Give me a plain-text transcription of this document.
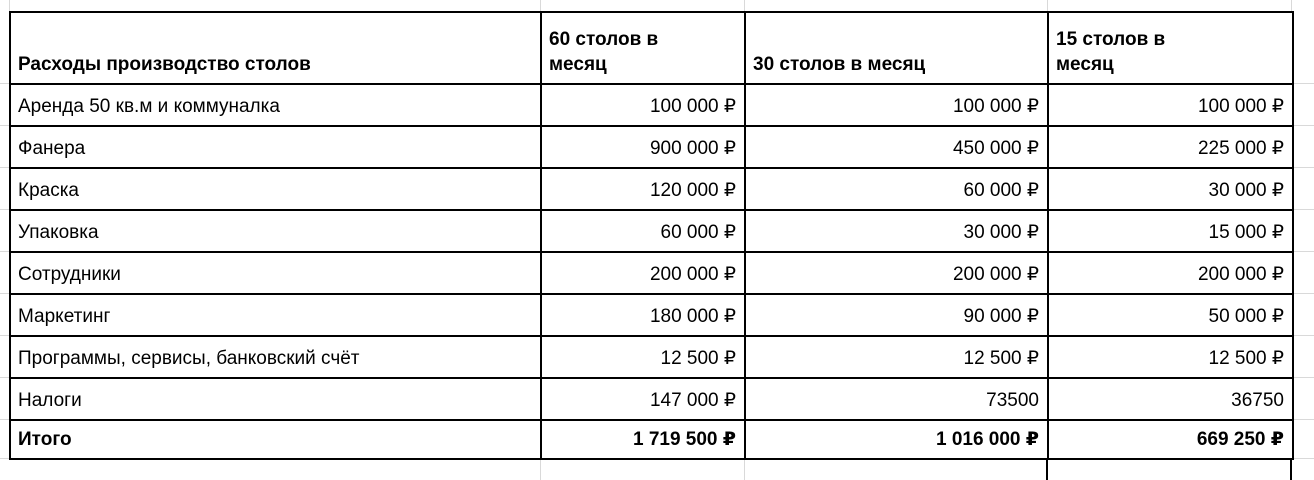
Расходы производство столов	60 столов в месяц	30 столов в месяц	15 столов в месяц
Аренда 50 кв.м и коммуналка	100 000 ₽	100 000 ₽	100 000 ₽
Фанера	900 000 ₽	450 000 ₽	225 000 ₽
Краска	120 000 ₽	60 000 ₽	30 000 ₽
Упаковка	60 000 ₽	30 000 ₽	15 000 ₽
Сотрудники	200 000 ₽	200 000 ₽	200 000 ₽
Маркетинг	180 000 ₽	90 000 ₽	50 000 ₽
Программы, сервисы, банковский счёт	12 500 ₽	12 500 ₽	12 500 ₽
Налоги	147 000 ₽	73500	36750
Итого	1 719 500 ₽	1 016 000 ₽	669 250 ₽
